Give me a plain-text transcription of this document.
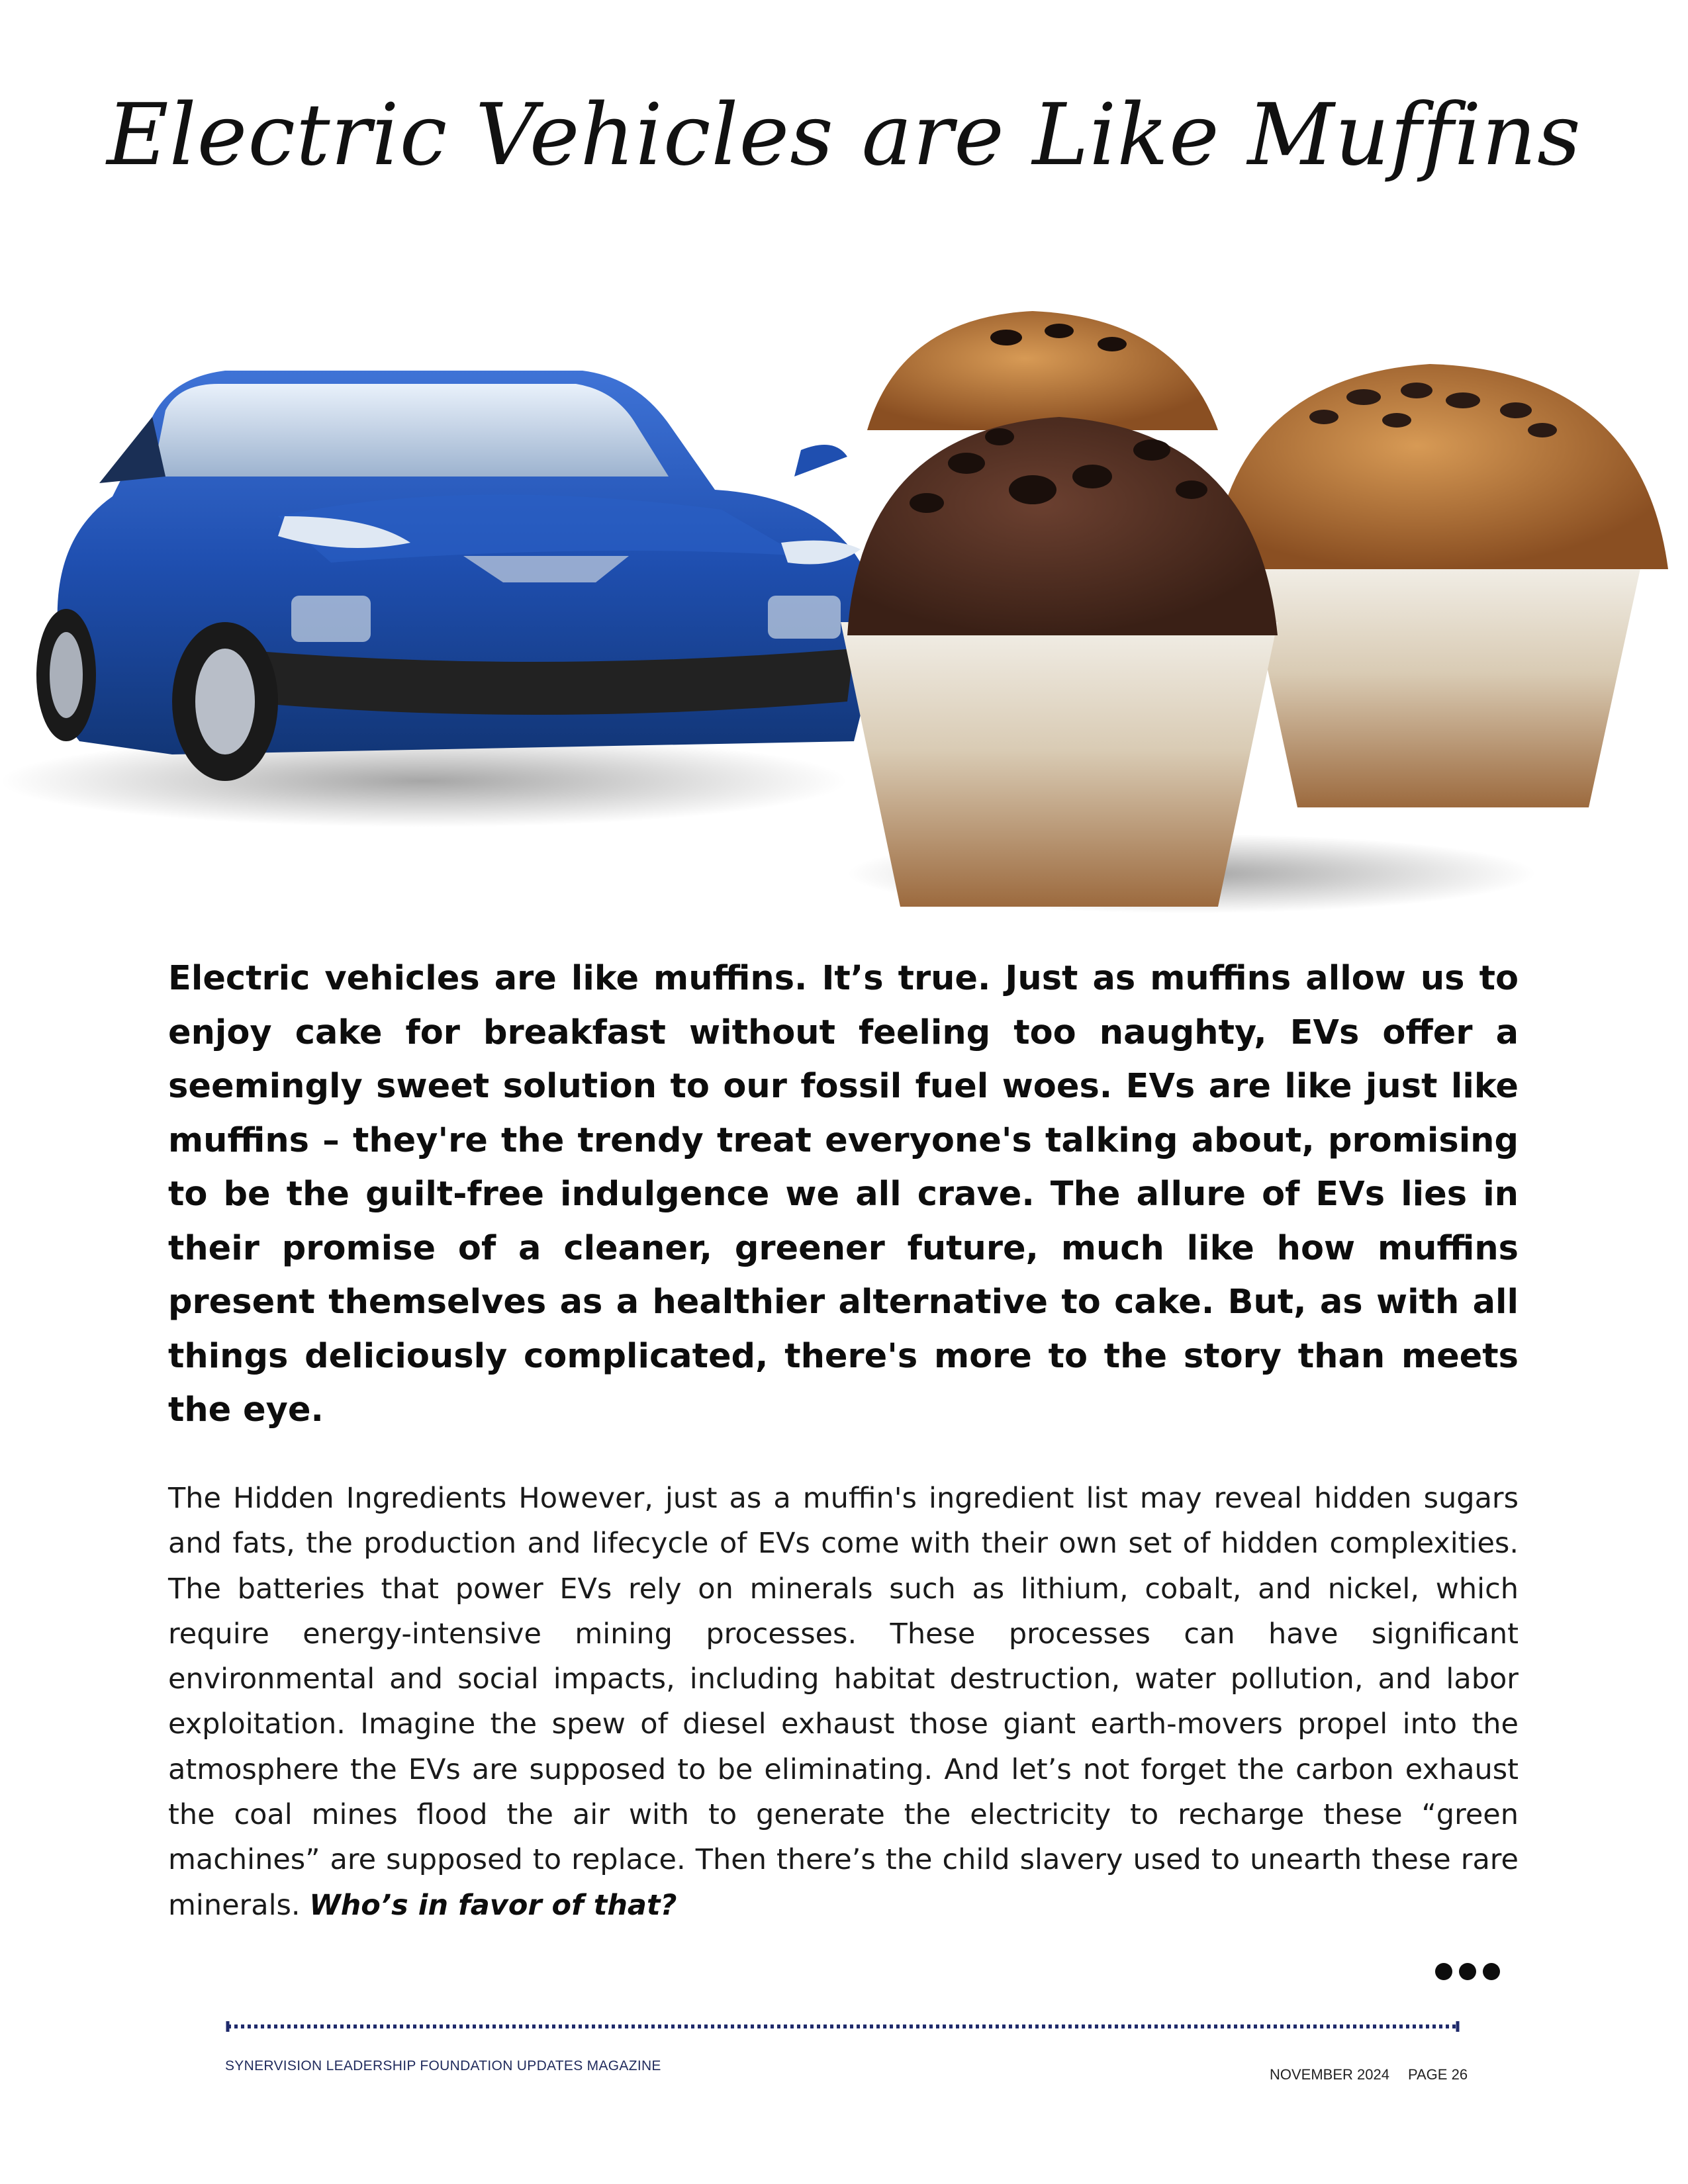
Electric Vehicles are Like Muffins

Electric vehicles are like muffins. It’s true. Just as muffins allow us to enjoy cake for breakfast without feeling too naughty, EVs offer a seemingly sweet solution to our fossil fuel woes. EVs are like just like muffins – they're the trendy treat everyone's talking about, promising to be the guilt-free indulgence we all crave. The allure of EVs lies in their promise of a cleaner, greener future, much like how muffins present themselves as a healthier alternative to cake. But, as with all things deliciously complicated, there's more to the story than meets the eye.

The Hidden Ingredients However, just as a muffin's ingredient list may reveal hidden sugars and fats, the production and lifecycle of EVs come with their own set of hidden complexities. The batteries that power EVs rely on minerals such as lithium, cobalt, and nickel, which require energy-intensive mining processes. These processes can have significant environmental and social impacts, including habitat destruction, water pollution, and labor exploitation. Imagine the spew of diesel exhaust those giant earth-movers propel into the atmosphere the EVs are supposed to be eliminating. And let’s not forget the carbon exhaust the coal mines flood the air with to generate the electricity to recharge these “green machines” are supposed to replace. Then there’s the child slavery used to unearth these rare minerals. Who’s in favor of that?

SYNERVISION LEADERSHIP FOUNDATION UPDATES MAGAZINE
NOVEMBER 2024 PAGE 26
